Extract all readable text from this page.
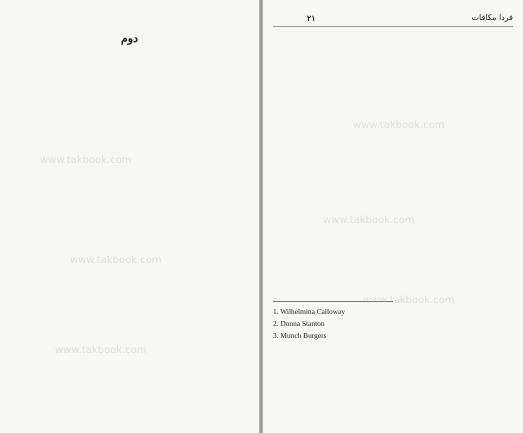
دوم
www.takbook.com
www.takbook.com
www.takbook.com
۲۱	فردا مکافات
1. Wilhelmina Calloway
2. Donna Stanton
3. Munch Burgers
www.takbook.com
www.takbook.com
www.takbook.com
